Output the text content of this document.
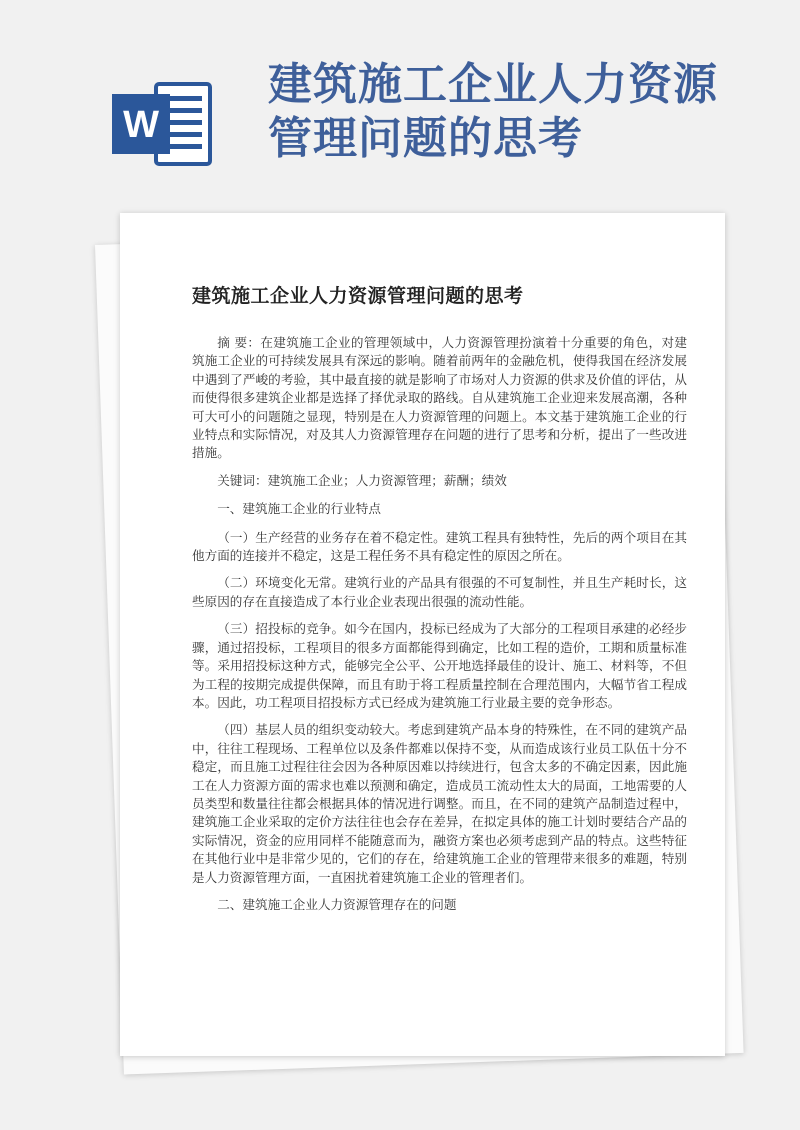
W
建筑施工企业人力资源
管理问题的思考
建筑施工企业人力资源管理问题的思考

摘 要：在建筑施工企业的管理领域中，人力资源管理扮演着十分重要的角色，对建筑施工企业的可持续发展具有深远的影响。随着前两年的金融危机，使得我国在经济发展中遇到了严峻的考验，其中最直接的就是影响了市场对人力资源的供求及价值的评估，从而使得很多建筑企业都是选择了择优录取的路线。自从建筑施工企业迎来发展高潮，各种可大可小的问题随之显现，特别是在人力资源管理的问题上。本文基于建筑施工企业的行业特点和实际情况，对及其人力资源管理存在问题的进行了思考和分析，提出了一些改进措施。

关键词：建筑施工企业；人力资源管理；薪酬；绩效

一、建筑施工企业的行业特点

（一）生产经营的业务存在着不稳定性。建筑工程具有独特性，先后的两个项目在其他方面的连接并不稳定，这是工程任务不具有稳定性的原因之所在。

（二）环境变化无常。建筑行业的产品具有很强的不可复制性，并且生产耗时长，这些原因的存在直接造成了本行业企业表现出很强的流动性能。

（三）招投标的竞争。如今在国内，投标已经成为了大部分的工程项目承建的必经步骤，通过招投标，工程项目的很多方面都能得到确定，比如工程的造价，工期和质量标准等。采用招投标这种方式，能够完全公平、公开地选择最佳的设计、施工、材料等，不但为工程的按期完成提供保障，而且有助于将工程质量控制在合理范围内，大幅节省工程成本。因此，功工程项目招投标方式已经成为建筑施工行业最主要的竞争形态。

（四）基层人员的组织变动较大。考虑到建筑产品本身的特殊性，在不同的建筑产品中，往往工程现场、工程单位以及条件都难以保持不变，从而造成该行业员工队伍十分不稳定，而且施工过程往往会因为各种原因难以持续进行，包含太多的不确定因素，因此施工在人力资源方面的需求也难以预测和确定，造成员工流动性太大的局面，工地需要的人员类型和数量往往都会根据具体的情况进行调整。而且，在不同的建筑产品制造过程中，建筑施工企业采取的定价方法往往也会存在差异，在拟定具体的施工计划时要结合产品的实际情况，资金的应用同样不能随意而为，融资方案也必须考虑到产品的特点。这些特征在其他行业中是非常少见的，它们的存在，给建筑施工企业的管理带来很多的难题，特别是人力资源管理方面，一直困扰着建筑施工企业的管理者们。

二、建筑施工企业人力资源管理存在的问题
